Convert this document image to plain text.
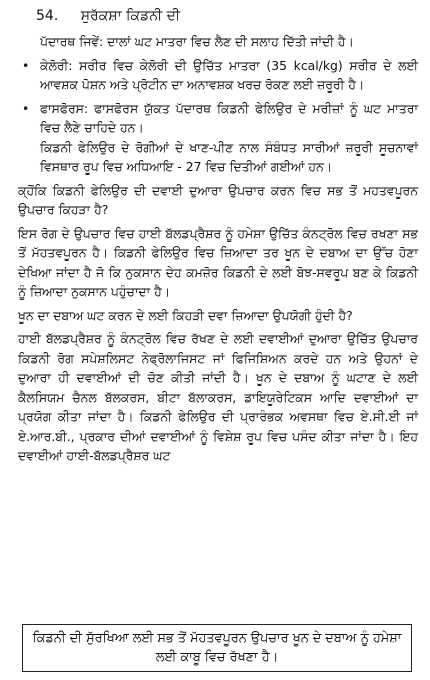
54. ਸੁਰੱਕਸ਼ਾ ਕਿਡਨੀ ਦੀ

ਪੱਦਾਰਥ ਜਿਵੇਂ: ਦਾਲਾਂ ਘਟ ਮਾਤਰਾ ਵਿਚ ਲੈਣ ਦੀ ਸਲਾਹ ਦਿੱਤੀ ਜਾਂਦੀ ਹੈ।

• ਕੇਲੋਰੀ: ਸਰੀਰ ਵਿਚ ਕੇਲੋਰੀ ਦੀ ਉਚਿੱਤ ਮਾਤਰਾ (35 kcal/kg) ਸਰੀਰ ਦੇ ਲਈ ਆਵਸ਼ਕ ਪੋਸ਼ਨ ਅਤੇ ਪ੍ਰੋਟੀਨ ਦਾ ਅਨਾਵਸ਼ਕ ਖਰਚ ਰੋਕਣ ਲਈ ਜ਼ਰੂਰੀ ਹੈ।
• ਫਾਸਫੋਰਸ: ਫਾਸਫੋਰਸ ਯੁੱਕਤ ਪੱਦਾਰਥ ਕਿਡਨੀ ਫੇਲਿਉਰ ਦੇ ਮਰੀਜ਼ਾਂ ਨੂੰ ਘਟ ਮਾਤਰਾ ਵਿਚ ਲੈਣੇ ਚਾਹਿਦੇ ਹਨ।
ਕਿਡਨੀ ਫੇਲਿਉਰ ਦੇ ਰੋਗੀਆਂ ਦੇ ਖਾਣ-ਪੀਣ ਨਾਲ ਸੰਬੰਧਤ ਸਾਰੀਆਂ ਜ਼ਰੂਰੀ ਸੂਚਨਾਵਾਂ ਵਿਸਥਾਰ ਰੂਪ ਵਿਚ ਅਧਿਆਇ - 27 ਵਿਚ ਦਿਤੀਆਂ ਗਈਆਂ ਹਨ।

ਕ੍ਹੋਂਕਿ ਕਿਡਨੀ ਫੇਲਿਉਰ ਦੀ ਦਵਾਈ ਦੁਆਰਾ ਉਪਚਾਰ ਕਰਨ ਵਿਚ ਸਭ ਤੋਂ ਮਹਤਵਪੂਰਨ ਉਪਚਾਰ ਕਿਹੜਾ ਹੈ?

ਇਸ ਰੋਗ ਦੇ ਉਪਚਾਰ ਵਿਚ ਹਾਈ ਬੱਲਡਪ੍ਰੈਸ਼ਰ ਨੂੰ ਹਮੇਸ਼ਾ ਉਚਿੱਤ ਕੰਨਟ੍ਰੋਲ ਵਿਚ ਰਖਣਾ ਸਭ ਤੋਂ ਮੱਹਤਵਪੂਰਨ ਹੈ। ਕਿਡਨੀ ਫੇਲਿਉਰ ਵਿਚ ਜ਼ਿਆਦਾ ਤਰ ਖੂਨ ਦੇ ਦਬਾਅ ਦਾ ਉੱਚ ਹੋਣਾ ਦੇਖਿਆ ਜਾਂਦਾ ਹੈ ਜੋ ਕਿ ਨੁਕਸਾਨ ਦੇਹ ਕਮਜ਼ੋਰ ਕਿਡਨੀ ਦੇ ਲਈ ਬੋਝ-ਸਵਰੂਪ ਬਣ ਕੇ ਕਿਡਨੀ ਨੂੰ ਜ਼ਿਆਦਾ ਨੁਕਸਾਨ ਪਹੁੰਚਾਦਾ ਹੈ।

ਖੂਨ ਦਾ ਦਬਾਅ ਘਟ ਕਰਨ ਦੇ ਲਈ ਕਿਹੜੀ ਦਵਾ ਜ਼ਿਆਦਾ ਉਪਯੋਗੀ ਹੁੰਦੀ ਹੈ?

ਹਾਈ ਬੱਲਡਪ੍ਰੈਸ਼ਰ ਨੂੰ ਕੰਨਟ੍ਰੋਲ ਵਿਚ ਰੱਖਣ ਦੇ ਲਈ ਦਵਾਈਆਂ ਦੁਆਰਾ ਉਚਿੱਤ ਉਪਚਾਰ ਕਿਡਨੀ ਰੋਗ ਸਪੇਸ਼ਲਿਸਟ ਨੇਫ੍ਰੋਲਾਜਿਸਟ ਜਾਂ ਫਿਜਿਸ਼ਿਅਨ ਕਰਦੇ ਹਨ ਅਤੇ ਉਹਨਾਂ ਦੇ ਦੁਆਰਾ ਹੀ ਦਵਾਈਆਂ ਦੀ ਚੋਣ ਕੀਤੀ ਜਾਂਦੀ ਹੈ। ਖੂਨ ਦੇ ਦਬਾਅ ਨੂੰ ਘਟਾਣ ਦੇ ਲਈ ਕੈਲਸਿਯਮ ਚੈਨਲ ਬੱਲਕਰਸ, ਬੀਟਾ ਬੱਲਾਕਰਸ, ਡਾਇਯੂਰੇਟਿਕਸ ਆਦਿ ਦਵਾਈਆਂ ਦਾ ਪ੍ਰਯੋਗ ਕੀਤਾ ਜਾਂਦਾ ਹੈ। ਕਿਡਨੀ ਫੇਲਿਉਰ ਦੀ ਪ੍ਰਾਰੰਭਕ ਅਵਸਥਾ ਵਿਚ ਏ.ਸੀ.ਈ ਜਾਂ ਏ.ਆਰ.ਬੀ., ਪ੍ਰਕਾਰ ਦੀਆਂ ਦਵਾਈਆਂ ਨੂੰ ਵਿਸ਼ੇਸ਼ ਰੂਪ ਵਿਚ ਪਸੰਦ ਕੀਤਾ ਜਾਂਦਾ ਹੈ। ਇਹ ਦਵਾਈਆਂ ਹਾਈ-ਬੱਲਡਪ੍ਰੈਸ਼ਰ ਘਟ

ਕਿਡਨੀ ਦੀ ਸੁੱਰਖਿਆ ਲਈ ਸਭ ਤੋਂ ਮੱਹਤਵਪੂਰਨ ਉਪਚਾਰ ਖੂਨ ਦੇ ਦਬਾਅ ਨੂੰ ਹਮੇਸ਼ਾ ਲਈ ਕਾਬੂ ਵਿਚ ਰੱਖਣਾ ਹੈ।
